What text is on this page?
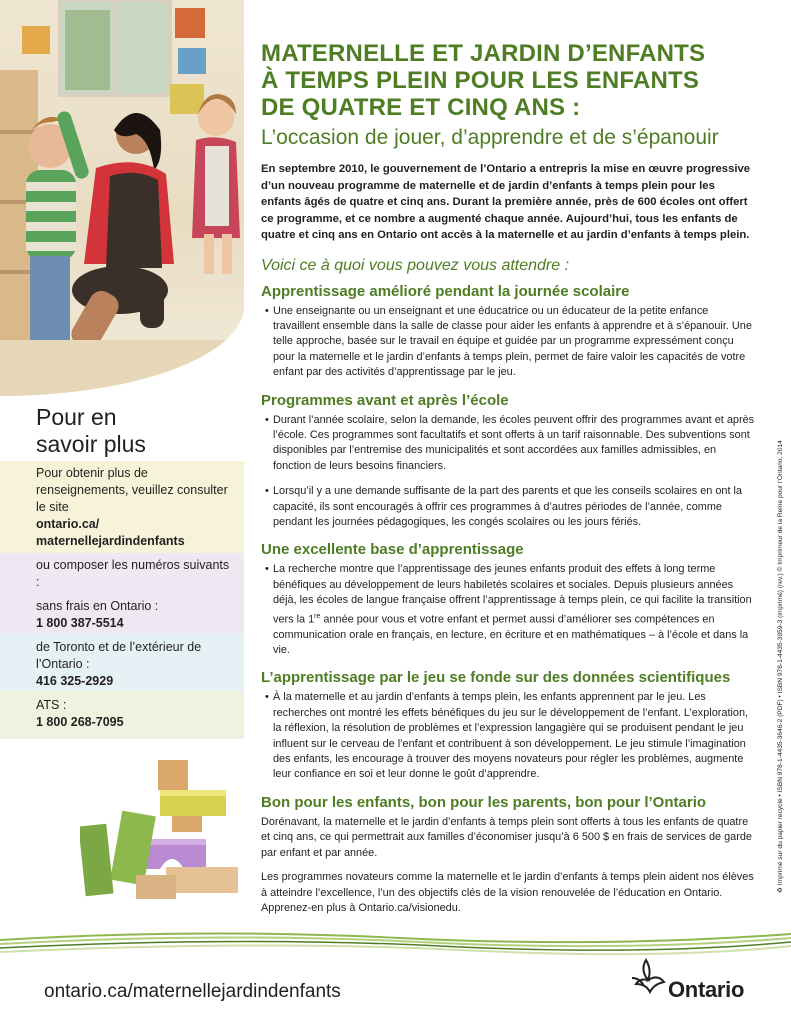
Pour en
savoir plus
Pour obtenir plus de renseignements, veuillez consulter le site
ontario.ca/
maternellejardindenfants
ou composer les numéros suivants :
sans frais en Ontario :
1 800 387-5514
de Toronto et de l’extérieur de l’Ontario :
416 325-2929
ATS :
1 800 268-7095
MATERNELLE ET JARDIN D’ENFANTS
À TEMPS PLEIN POUR LES ENFANTS
DE QUATRE ET CINQ ANS :
L’occasion de jouer, d’apprendre et de s’épanouir

En septembre 2010, le gouvernement de l’Ontario a entrepris la mise en œuvre progressive d’un nouveau programme de maternelle et de jardin d’enfants à temps plein pour les enfants âgés de quatre et cinq ans. Durant la première année, près de 600 écoles ont offert ce programme, et ce nombre a augmenté chaque année. Aujourd’hui, tous les enfants de quatre et cinq ans en Ontario ont accès à la maternelle et au jardin d’enfants à temps plein.

Voici ce à quoi vous pouvez vous attendre :

Apprentissage amélioré pendant la journée scolaire

• Une enseignante ou un enseignant et une éducatrice ou un éducateur de la petite enfance travaillent ensemble dans la salle de classe pour aider les enfants à apprendre et à s’épanouir. Une telle approche, basée sur le travail en équipe et guidée par un programme expressément conçu pour la maternelle et le jardin d’enfants à temps plein, permet de faire valoir les capacités de votre enfant par des activités d’apprentissage par le jeu.

Programmes avant et après l’école

• Durant l’année scolaire, selon la demande, les écoles peuvent offrir des programmes avant et après l’école. Ces programmes sont facultatifs et sont offerts à un tarif raisonnable. Des subventions sont disponibles par l’entremise des municipalités et sont accordées aux familles admissibles, en fonction de leurs besoins financiers.

• Lorsqu’il y a une demande suffisante de la part des parents et que les conseils scolaires en ont la capacité, ils sont encouragés à offrir ces programmes à d’autres périodes de l’année, comme pendant les journées pédagogiques, les congés scolaires ou les jours fériés.

Une excellente base d’apprentissage

• La recherche montre que l’apprentissage des jeunes enfants produit des effets à long terme bénéfiques au développement de leurs habiletés scolaires et sociales. Depuis plusieurs années déjà, les écoles de langue française offrent l’apprentissage à temps plein, ce qui facilite la transition vers la 1re année pour vous et votre enfant et permet aussi d’améliorer ses compétences en communication orale en français, en lecture, en écriture et en mathématiques – à l’école et dans la vie.

L’apprentissage par le jeu se fonde sur des données scientifiques

• À la maternelle et au jardin d’enfants à temps plein, les enfants apprennent par le jeu. Les recherches ont montré les effets bénéfiques du jeu sur le développement de l’enfant. L’exploration, la réflexion, la résolution de problèmes et l’expression langagière qui se produisent pendant le jeu influent sur le cerveau de l’enfant et contribuent à son développement. Le jeu stimule l’imagination des enfants, les encourage à trouver des moyens novateurs pour régler les problèmes, augmente leur confiance en soi et leur donne le goût d’apprendre.

Bon pour les enfants, bon pour les parents, bon pour l’Ontario

Dorénavant, la maternelle et le jardin d’enfants à temps plein sont offerts à tous les enfants de quatre et cinq ans, ce qui permettrait aux familles d’économiser jusqu’à 6 500 $ en frais de services de garde par enfant et par année.

Les programmes novateurs comme la maternelle et le jardin d’enfants à temps plein aident nos élèves à atteindre l’excellence, l’un des objectifs clés de la vision renouvelée de l’éducation en Ontario. Apprenez-en plus à Ontario.ca/visionedu.

♻ Imprimé sur du papier recyclé • ISBN 978-1-4435-3646-2 (PDF) • ISBN 978-1-4435-3959-3 (imprimé) (rev.) © Imprimeur de la Reine pour l’Ontario, 2014
ontario.ca/maternellejardindenfants	Ontario
